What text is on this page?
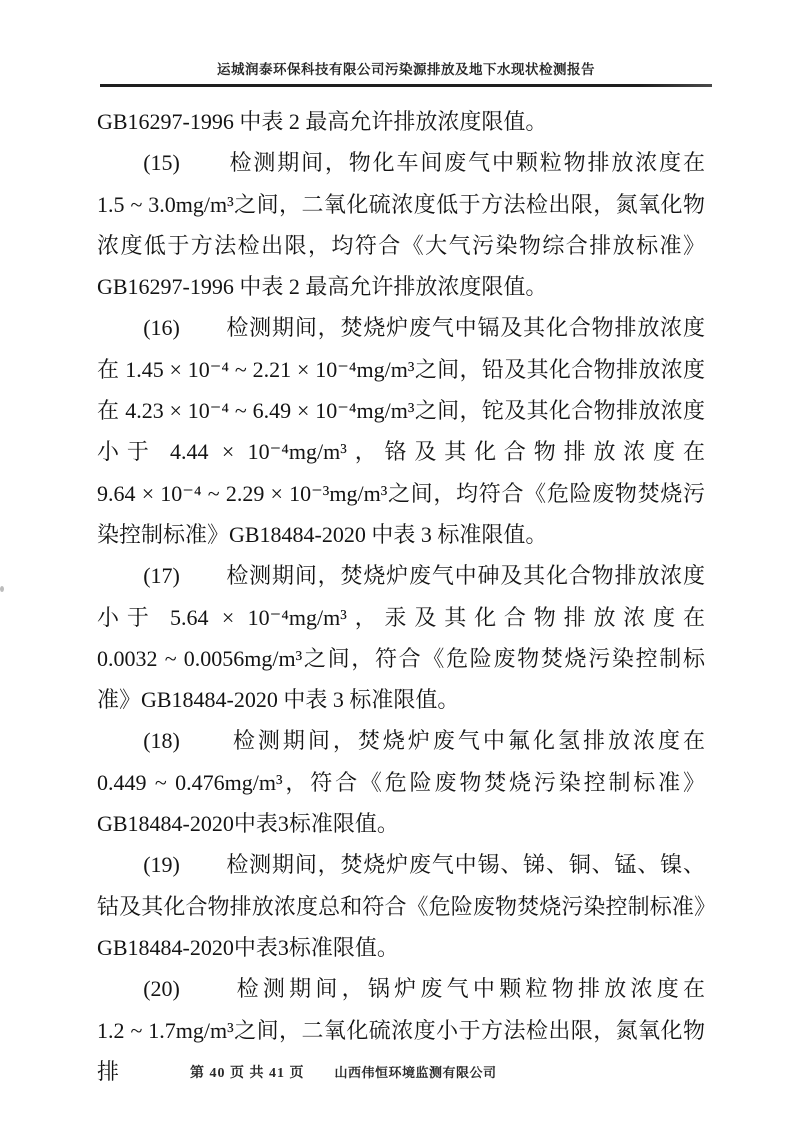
运城润泰环保科技有限公司污染源排放及地下水现状检测报告

GB16297-1996 中表 2 最高允许排放浓度限值。

(15)　　检测期间，物化车间废气中颗粒物排放浓度在 1.5 ~ 3.0mg/m³之间，二氧化硫浓度低于方法检出限，氮氧化物浓度低于方法检出限，均符合《大气污染物综合排放标准》GB16297-1996 中表 2 最高允许排放浓度限值。

(16)　　检测期间，焚烧炉废气中镉及其化合物排放浓度在 1.45 × 10⁻⁴ ~ 2.21 × 10⁻⁴mg/m³之间，铅及其化合物排放浓度在 4.23 × 10⁻⁴ ~ 6.49 × 10⁻⁴mg/m³之间，铊及其化合物排放浓度小于 4.44 × 10⁻⁴mg/m³，铬及其化合物排放浓度在 9.64 × 10⁻⁴ ~ 2.29 × 10⁻³mg/m³之间，均符合《危险废物焚烧污染控制标准》GB18484-2020 中表 3 标准限值。

(17)　　检测期间，焚烧炉废气中砷及其化合物排放浓度小于 5.64 × 10⁻⁴mg/m³，汞及其化合物排放浓度在 0.0032 ~ 0.0056mg/m³之间，符合《危险废物焚烧污染控制标准》GB18484-2020 中表 3 标准限值。

(18)　　检测期间，焚烧炉废气中氟化氢排放浓度在 0.449 ~ 0.476mg/m³，符合《危险废物焚烧污染控制标准》GB18484-2020中表3标准限值。

(19)　　检测期间，焚烧炉废气中锡、锑、铜、锰、镍、钴及其化合物排放浓度总和符合《危险废物焚烧污染控制标准》GB18484-2020中表3标准限值。

(20)　　检测期间，锅炉废气中颗粒物排放浓度在 1.2 ~ 1.7mg/m³之间，二氧化硫浓度小于方法检出限，氮氧化物排	第 40 页 共 41 页 山西伟恒环境监测有限公司
